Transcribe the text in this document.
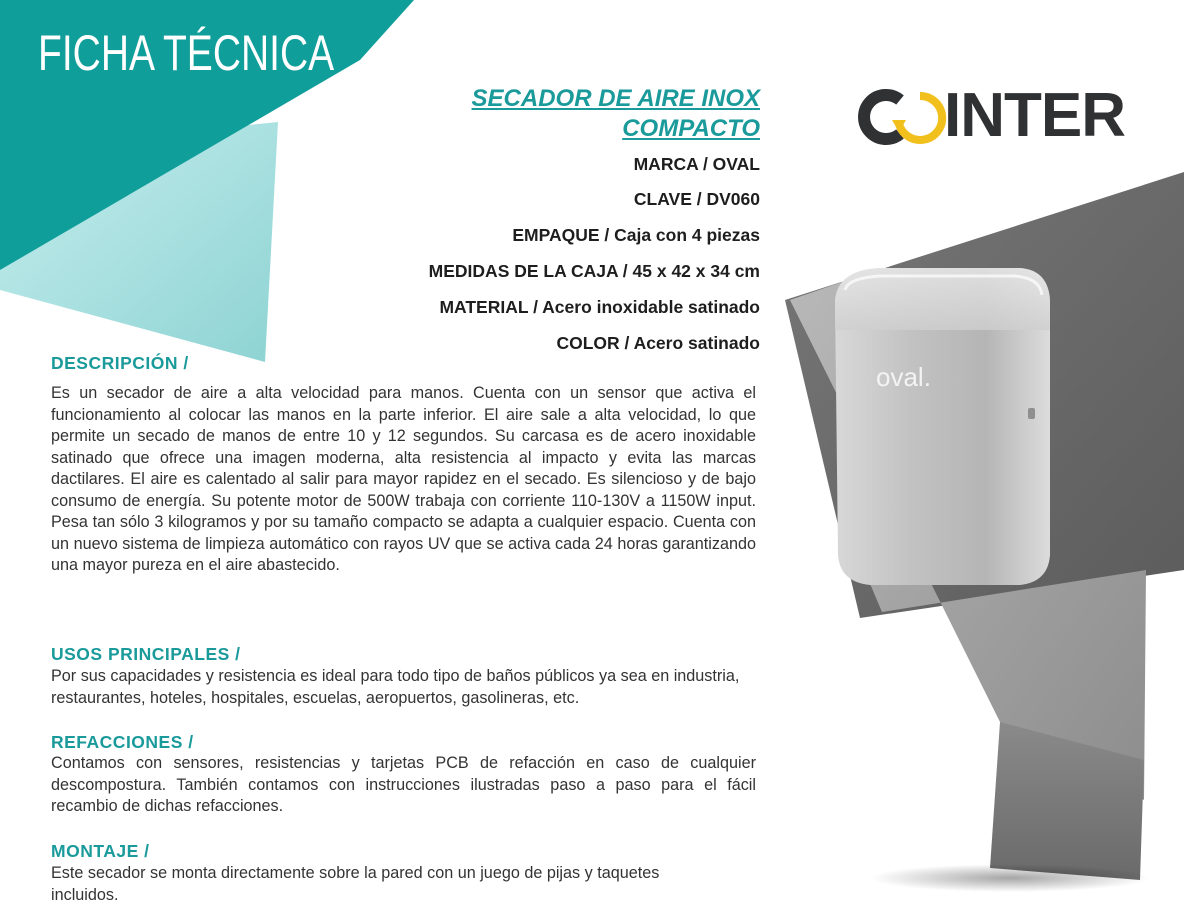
FICHA TÉCNICA
INTER
oval.
SECADOR DE AIRE INOX
COMPACTO
MARCA / OVAL
CLAVE / DV060
EMPAQUE / Caja con 4 piezas
MEDIDAS DE LA CAJA / 45 x 42 x 34 cm
MATERIAL / Acero inoxidable satinado
COLOR / Acero satinado
DESCRIPCIÓN /
Es un secador de aire a alta velocidad para manos. Cuenta con un sensor que activa el funcionamiento al colocar las manos en la parte inferior. El aire sale a alta velocidad, lo que permite un secado de manos de entre 10 y 12 segundos. Su carcasa es de acero inoxidable satinado que ofrece una imagen moderna, alta resistencia al impacto y evita las marcas dactilares. El aire es calentado al salir para mayor rapidez en el secado. Es silencioso y de bajo consumo de energía. Su potente motor de 500W trabaja con corriente 110-130V a 1150W input. Pesa tan sólo 3 kilogramos y por su tamaño compacto se adapta a cualquier espacio. Cuenta con un nuevo sistema de limpieza automático con rayos UV que se activa cada 24 horas garantizando una mayor pureza en el aire abastecido.
USOS PRINCIPALES /
Por sus capacidades y resistencia es ideal para todo tipo de baños públicos ya sea en industria, restaurantes, hoteles, hospitales, escuelas, aeropuertos, gasolineras, etc.
REFACCIONES /
Contamos con sensores, resistencias y tarjetas PCB de refacción en caso de cualquier descompostura. También contamos con instrucciones ilustradas paso a paso para el fácil recambio de dichas refacciones.
MONTAJE /
Este secador se monta directamente sobre la pared con un juego de pijas y taquetes incluidos.
